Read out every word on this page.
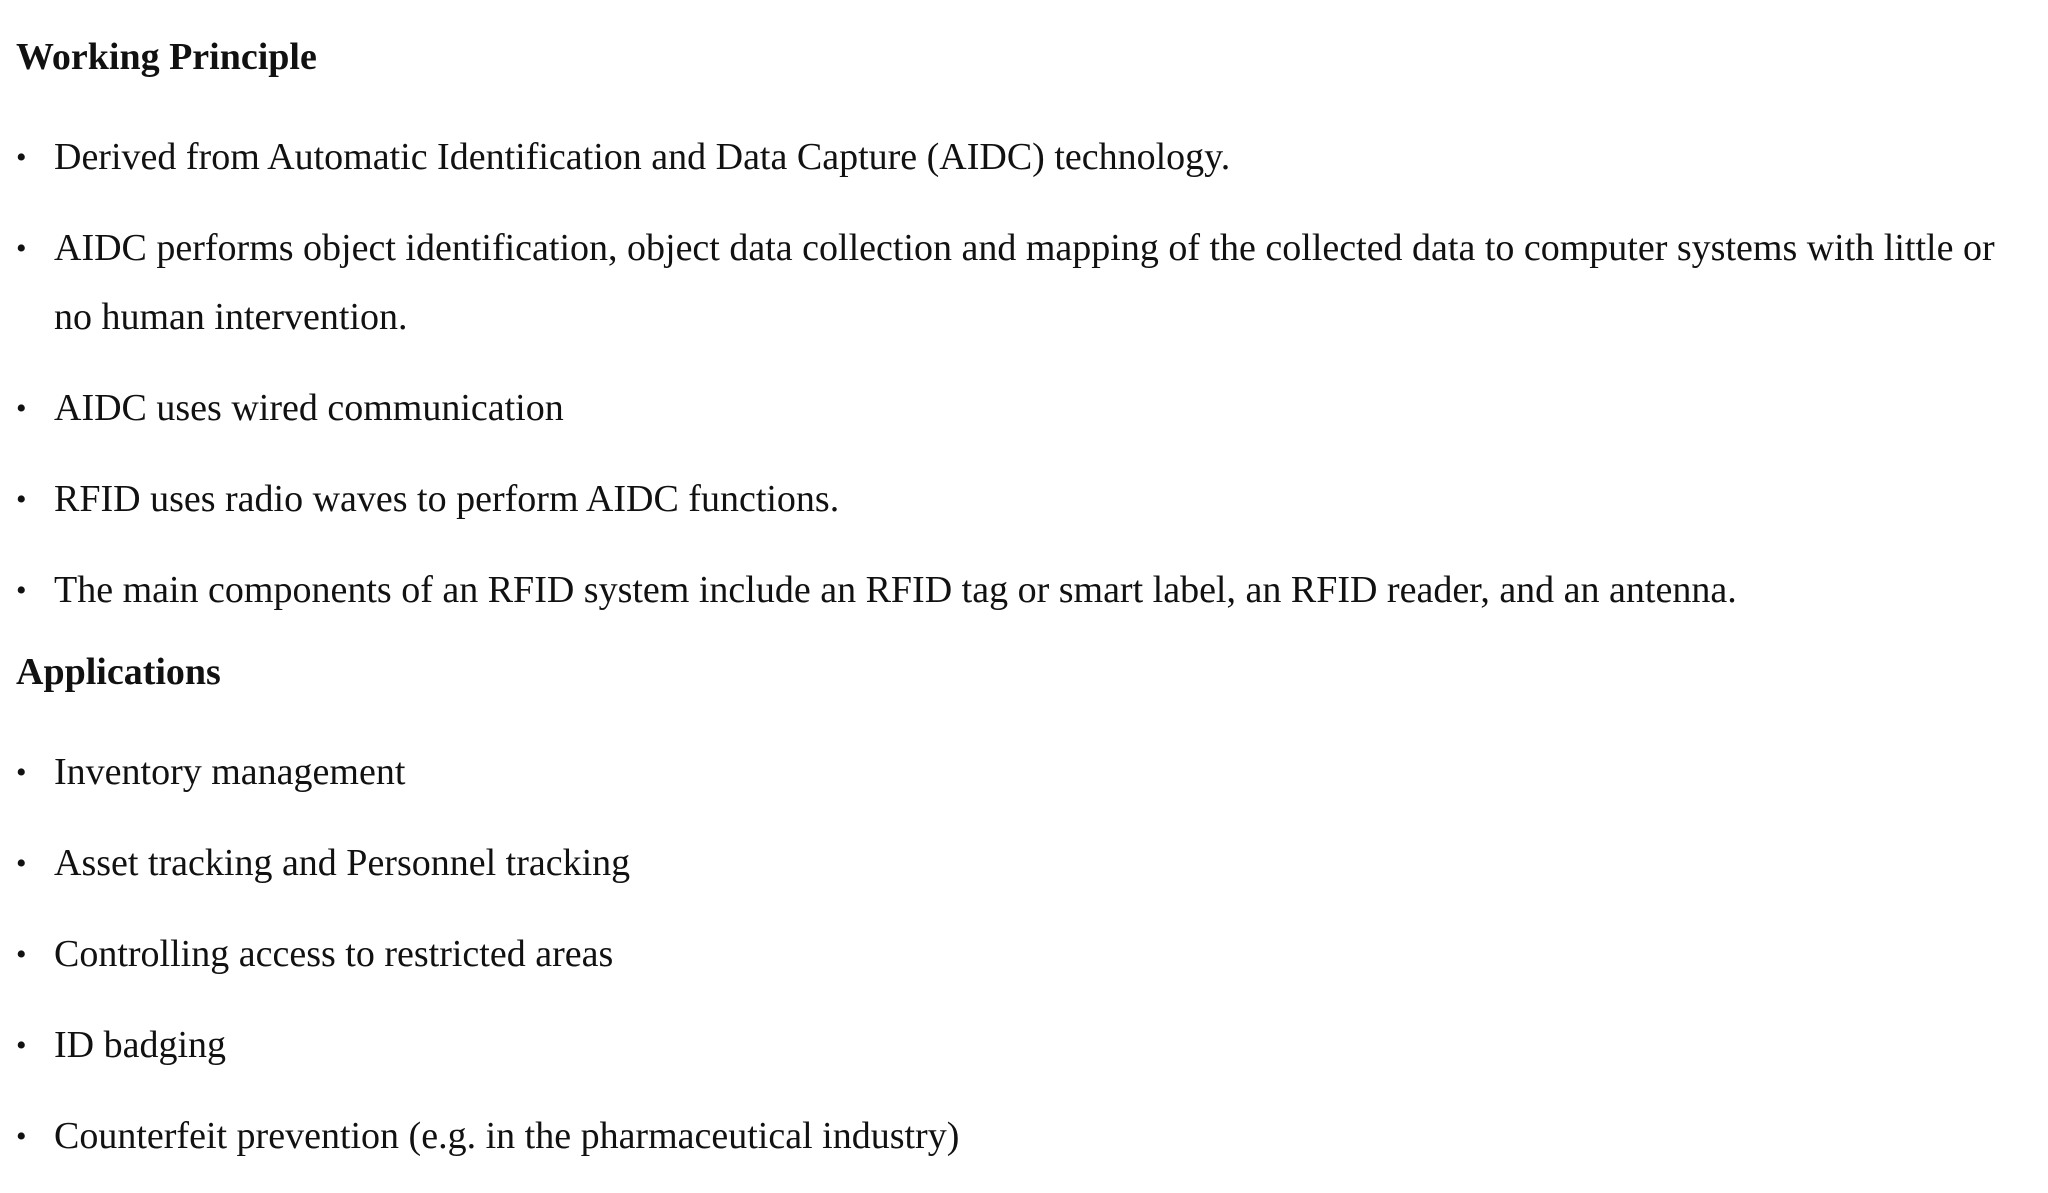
Working Principle
• Derived from Automatic Identification and Data Capture (AIDC) technology.
• AIDC performs object identification, object data collection and mapping of the collected data to computer systems with little or no human intervention.
• AIDC uses wired communication
• RFID uses radio waves to perform AIDC functions.
• The main components of an RFID system include an RFID tag or smart label, an RFID reader, and an antenna.
Applications
• Inventory management
• Asset tracking and Personnel tracking
• Controlling access to restricted areas
• ID badging
• Counterfeit prevention (e.g. in the pharmaceutical industry)
